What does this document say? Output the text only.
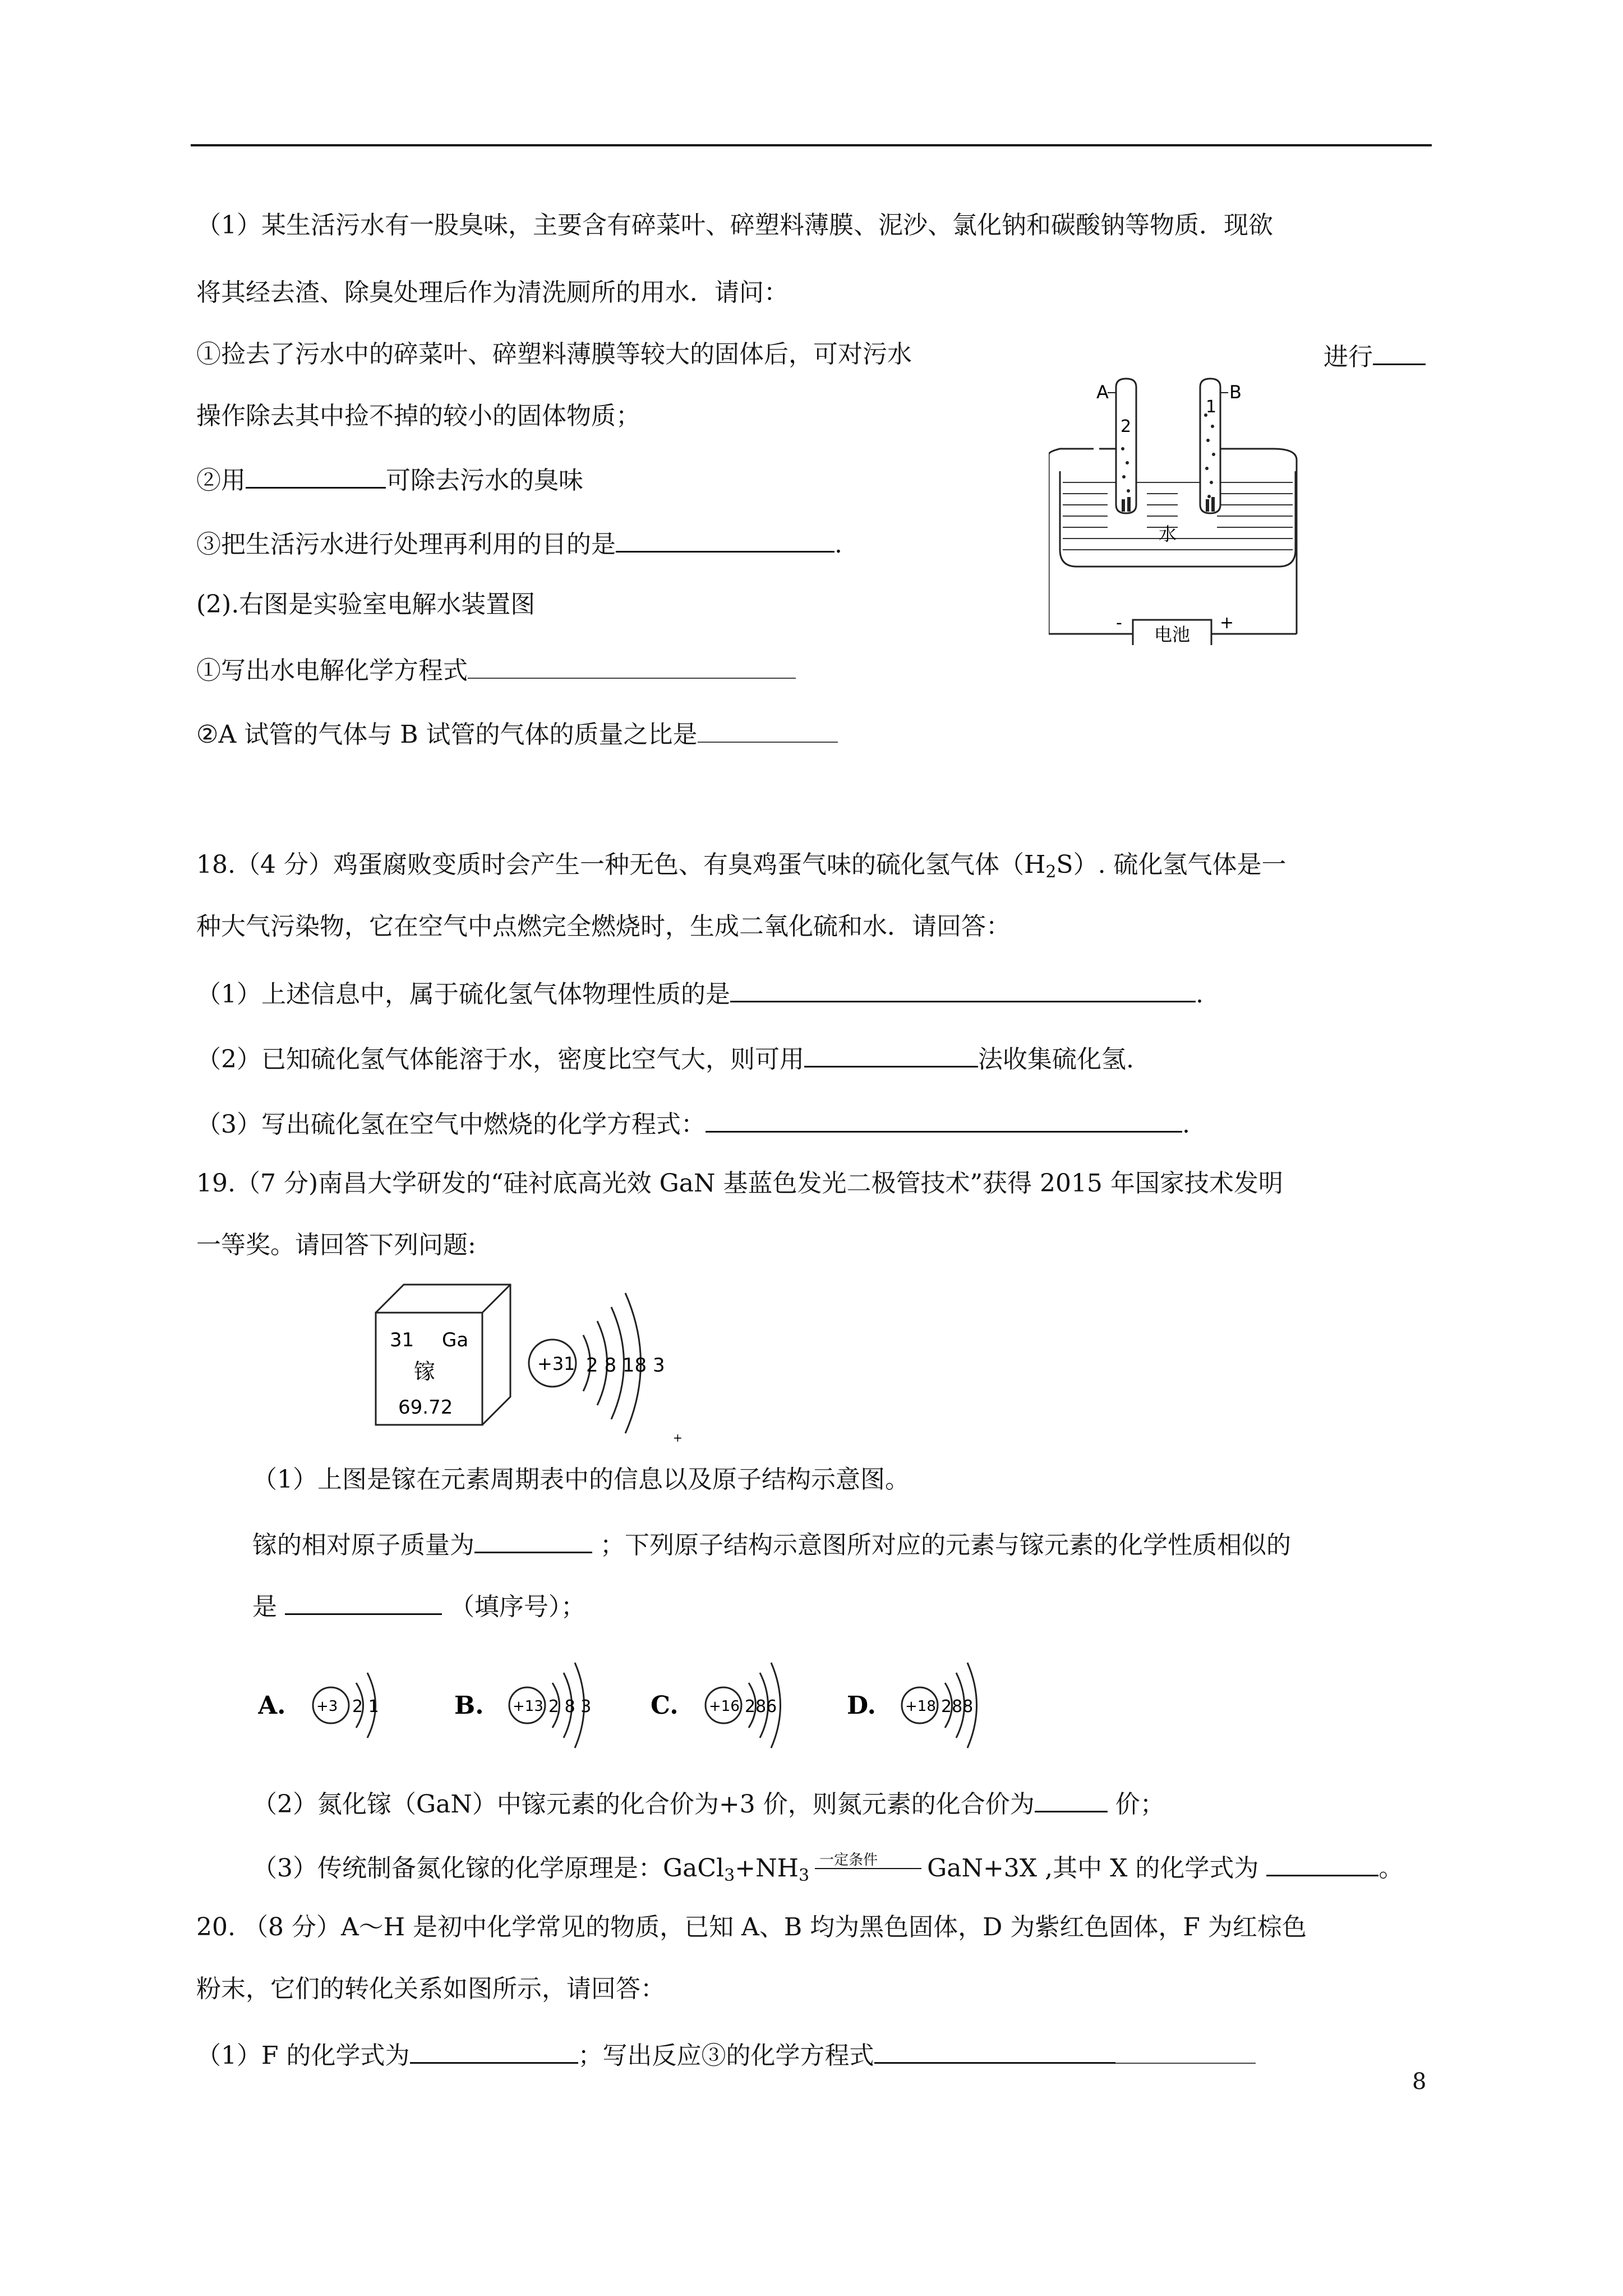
（1）某生活污水有一股臭味，主要含有碎菜叶、碎塑料薄膜、泥沙、氯化钠和碳酸钠等物质．现欲
将其经去渣、除臭处理后作为清洗厕所的用水．请问：
①捡去了污水中的碎菜叶、碎塑料薄膜等较大的固体后，可对污水	进行
操作除去其中捡不掉的较小的固体物质；
②用	可除去污水的臭味
③把生活污水进行处理再利用的目的是	.
(2).右图是实验室电解水装置图
①写出水电解化学方程式
②A 试管的气体与 B 试管的气体的质量之比是
A	B
2
1
水
电池
-	+
18.（4 分）鸡蛋腐败变质时会产生一种无色、有臭鸡蛋气味的硫化氢气体$(H_2S)$. 硫化氢气体是一
种大气污染物，它在空气中点燃完全燃烧时，生成二氧化硫和水．请回答：
（1）上述信息中，属于硫化氢气体物理性质的是	.
（2）已知硫化氢气体能溶于水，密度比空气大，则可用	法收集硫化氢.
（3）写出硫化氢在空气中燃烧的化学方程式：	.
19.（7 分)南昌大学研发的“硅衬底高光效 GaN 基蓝色发光二极管技术”获得 2015 年国家技术发明
一等奖。请回答下列问题:
31 Ga
镓
69.72
+31 2 8 18 3
+
（1）上图是镓在元素周期表中的信息以及原子结构示意图。
镓的相对原子质量为	；下列原子结构示意图所对应的元素与镓元素的化学性质相似的
是	（填序号）；
A. +3 2 1	B. +13 2 8 3 C. +16 286	D. +18 288
（2）氮化镓（GaN）中镓元素的化合价为+3 价，则氮元素的化合价为	价；
（3）传统制备氮化镓的化学原理是：$GaCl_3+NH_3$
一定条件 GaN+3X ,其中 X 的化学式为	。
20. （8 分）A～H 是初中化学常见的物质，已知 A、B 均为黑色固体，D 为紫红色固体，F 为红棕色
粉末，它们的转化关系如图所示，请回答：
（1）F 的化学式为	；写出反应③的化学方程式
8
